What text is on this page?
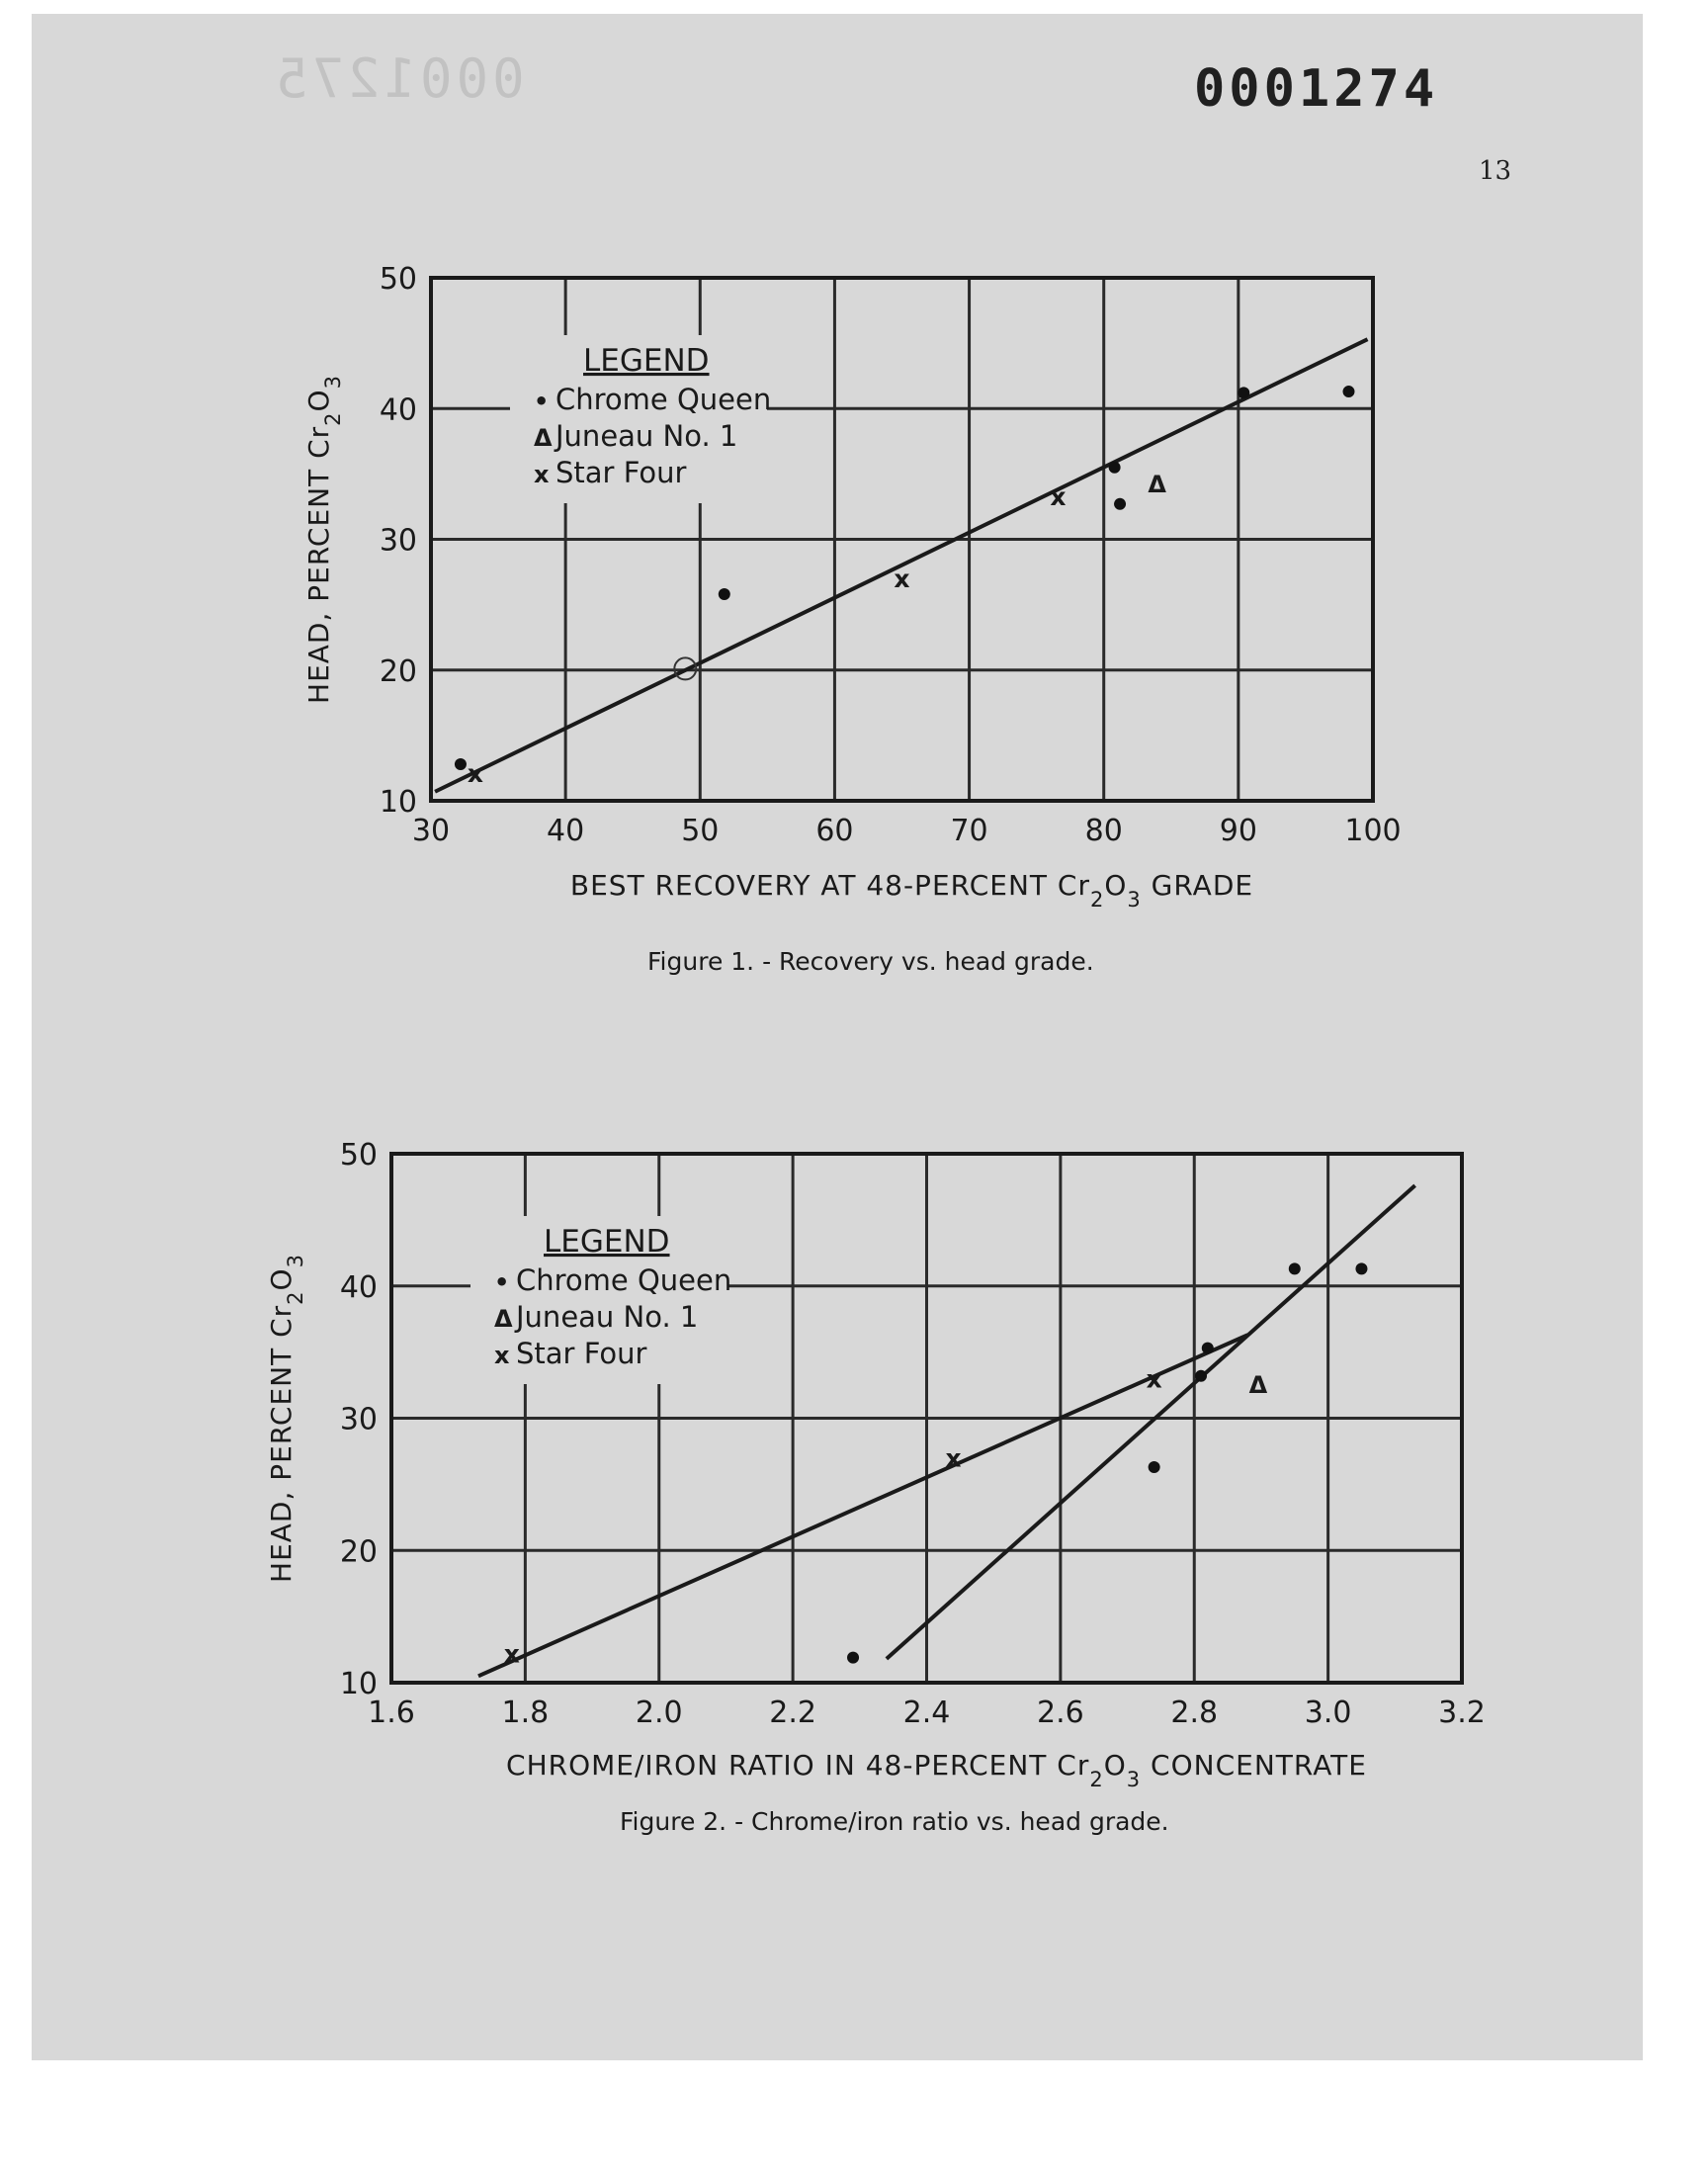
0001275	0001274
13
30	40	50	60	70	80	90	100
10
20
30
40
50
BEST RECOVERY AT 48-PERCENT $Cr_2O_3$ GRADE
HEAD, PERCENT $Cr_2O_3$
LEGEND
• Chrome Queen
Δ Juneau No. 1
x Star Four	Δ
x
x
x
1.6	1.8	2.0	2.2	2.4	2.6	2.8	3.0	3.2
10
20
30
40
50
CHROME/IRON RATIO IN 48-PERCENT $Cr_2O_3$ CONCENTRATE
HEAD, PERCENT $Cr_2O_3$
LEGEND
• Chrome Queen
Δ Juneau No. 1
x Star Four
Δ
x
x
x
Figure 1. - Recovery vs. head grade.
Figure 2. - Chrome/iron ratio vs. head grade.
